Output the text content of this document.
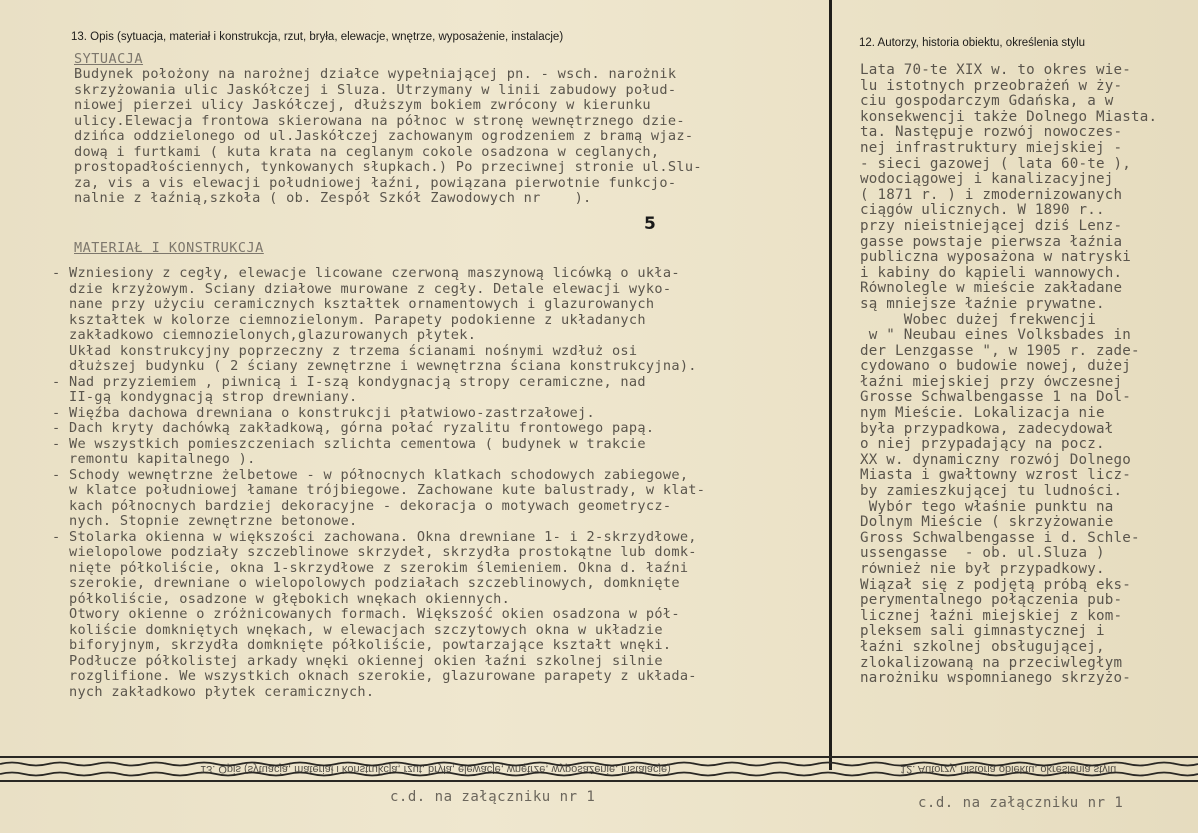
13. Opis (sytuacja, materiał i konstrukcja, rzut, bryła, elewacje, wnętrze, wyposażenie, instalacje)	12. Autorzy, historia obiektu, określenia stylu
SYTUACJA
Budynek położony na narożnej działce wypełniającej pn. - wsch. narożnik
skrzyżowania ulic Jaskółczej i Śluza. Utrzymany w linii zabudowy połud-
niowej pierzei ulicy Jaskółczej, dłuższym bokiem zwrócony w kierunku
ulicy.Elewacja frontowa skierowana na północ w stronę wewnętrznego dzie-
dzińca oddzielonego od ul.Jaskółczej zachowanym ogrodzeniem z bramą wjaz-
dową i furtkami ( kuta krata na ceglanym cokole osadzona w ceglanych,
prostopadłościennych, tynkowanych słupkach.) Po przeciwnej stronie ul.Ślu-
za, vis a vis elewacji południowej łaźni, powiązana pierwotnie funkcjo-
nalnie z łaźnią,szkoła ( ob. Zespół Szkół Zawodowych nr    ).
5
MATERIAŁ I KONSTRUKCJA
- Wzniesiony z cegły, elewacje licowane czerwoną maszynową licówką o ukła-
dzie krzyżowym. Ściany działowe murowane z cegły. Detale elewacji wyko-
nane przy użyciu ceramicznych kształtek ornamentowych i glazurowanych
kształtek w kolorze ciemnozielonym. Parapety podokienne z układanych
zakładkowo ciemnozielonych,glazurowanych płytek.
Układ konstrukcyjny poprzeczny z trzema ścianami nośnymi wzdłuż osi
dłuższej budynku ( 2 ściany zewnętrzne i wewnętrzna ściana konstrukcyjna).
- Nad przyziemiem , piwnicą i I-szą kondygnacją stropy ceramiczne, nad
II-gą kondygnacją strop drewniany.
- Więźba dachowa drewniana o konstrukcji płatwiowo-zastrzałowej.
- Dach kryty dachówką zakładkową, górna połać ryzalitu frontowego papą.
- We wszystkich pomieszczeniach szlichta cementowa ( budynek w trakcie
remontu kapitalnego ).
- Schody wewnętrzne żelbetowe - w północnych klatkach schodowych zabiegowe,
w klatce południowej łamane trójbiegowe. Zachowane kute balustrady, w klat-
kach północnych bardziej dekoracyjne - dekoracja o motywach geometrycz-
nych. Stopnie zewnętrzne betonowe.
- Stolarka okienna w większości zachowana. Okna drewniane 1- i 2-skrzydłowe,
wielopolowe podziały szczeblinowe skrzydeł, skrzydła prostokątne lub domk-
nięte półkoliście, okna 1-skrzydłowe z szerokim ślemieniem. Okna d. łaźni
szerokie, drewniane o wielopolowych podziałach szczeblinowych, domknięte
półkoliście, osadzone w głębokich wnękach okiennych.
Otwory okienne o zróżnicowanych formach. Większość okien osadzona w pół-
koliście domkniętych wnękach, w elewacjach szczytowych okna w układzie
biforyjnym, skrzydła domknięte półkoliście, powtarzające kształt wnęki.
Podłucze półkolistej arkady wnęki okiennej okien łaźni szkolnej silnie
rozglifione. We wszystkich oknach szerokie, glazurowane parapety z układa-
nych zakładkowo płytek ceramicznych.
Lata 70-te XIX w. to okres wie-
lu istotnych przeobrażeń w ży-
ciu gospodarczym Gdańska, a w
konsekwencji także Dolnego Miasta.
ta. Następuje rozwój nowoczes-
nej infrastruktury miejskiej -
- sieci gazowej ( lata 60-te ),
wodociągowej i kanalizacyjnej
( 1871 r. ) i zmodernizowanych
ciągów ulicznych. W 1890 r..
przy nieistniejącej dziś Lenz-
gasse powstaje pierwsza łaźnia
publiczna wyposażona w natryski
i kabiny do kąpieli wannowych.
Równolegle w mieście zakładane
są mniejsze łaźnie prywatne.
Wobec dużej frekwencji
w " Neubau eines Volksbades in
der Lenzgasse ", w 1905 r. zade-
cydowano o budowie nowej, dużej
łaźni miejskiej przy ówczesnej
Grosse Schwalbengasse 1 na Dol-
nym Mieście. Lokalizacja nie
była przypadkowa, zadecydował
o niej przypadający na pocz.
XX w. dynamiczny rozwój Dolnego
Miasta i gwałtowny wzrost licz-
by zamieszkującej tu ludności.
Wybór tego właśnie punktu na
Dolnym Mieście ( skrzyżowanie
Gross Schwalbengasse i d. Schle-
ussengasse  - ob. ul.Śluza )
również nie był przypadkowy.
Wiązał się z podjętą próbą eks-
perymentalnego połączenia pub-
licznej łaźni miejskiej z kom-
pleksem sali gimnastycznej i
łaźni szkolnej obsługującej,
zlokalizowaną na przeciwległym
narożniku wspomnianego skrzyżo-
13. Opis (sytuacja, materiał i konstrukcja, rzut, bryła, elewacje, wnętrze, wyposażenie, instalacje)	12. Autorzy, historia obiektu, określenia stylu
c.d. na załączniku nr 1	c.d. na załączniku nr 1
